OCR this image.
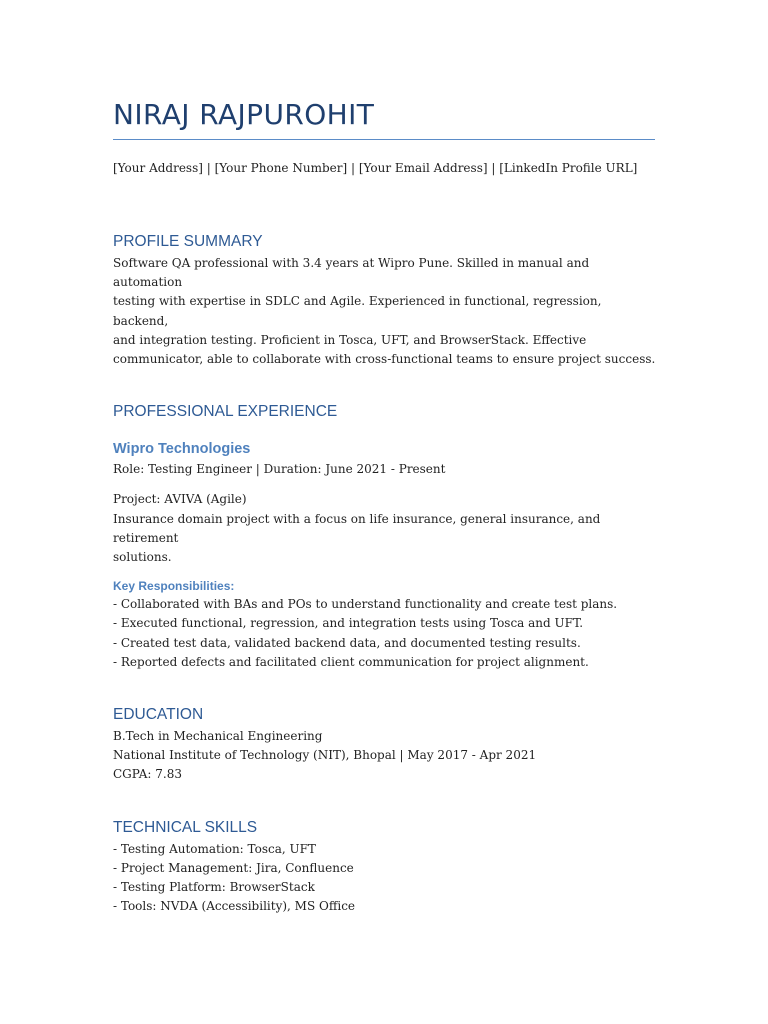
NIRAJ RAJPUROHIT
[Your Address] | [Your Phone Number] | [Your Email Address] | [LinkedIn Profile URL]
PROFILE SUMMARY

Software QA professional with 3.4 years at Wipro Pune. Skilled in manual and automation

testing with expertise in SDLC and Agile. Experienced in functional, regression, backend,

and integration testing. Proficient in Tosca, UFT, and BrowserStack. Effective

communicator, able to collaborate with cross-functional teams to ensure project success.

PROFESSIONAL EXPERIENCE
Wipro Technologies

Role: Testing Engineer | Duration: June 2021 - Present

Project: AVIVA (Agile)

Insurance domain project with a focus on life insurance, general insurance, and retirement

solutions.

Key Responsibilities:

- Collaborated with BAs and POs to understand functionality and create test plans.

- Executed functional, regression, and integration tests using Tosca and UFT.

- Created test data, validated backend data, and documented testing results.

- Reported defects and facilitated client communication for project alignment.

EDUCATION

B.Tech in Mechanical Engineering

National Institute of Technology (NIT), Bhopal | May 2017 - Apr 2021

CGPA: 7.83

TECHNICAL SKILLS

- Testing Automation: Tosca, UFT

- Project Management: Jira, Confluence

- Testing Platform: BrowserStack

- Tools: NVDA (Accessibility), MS Office
